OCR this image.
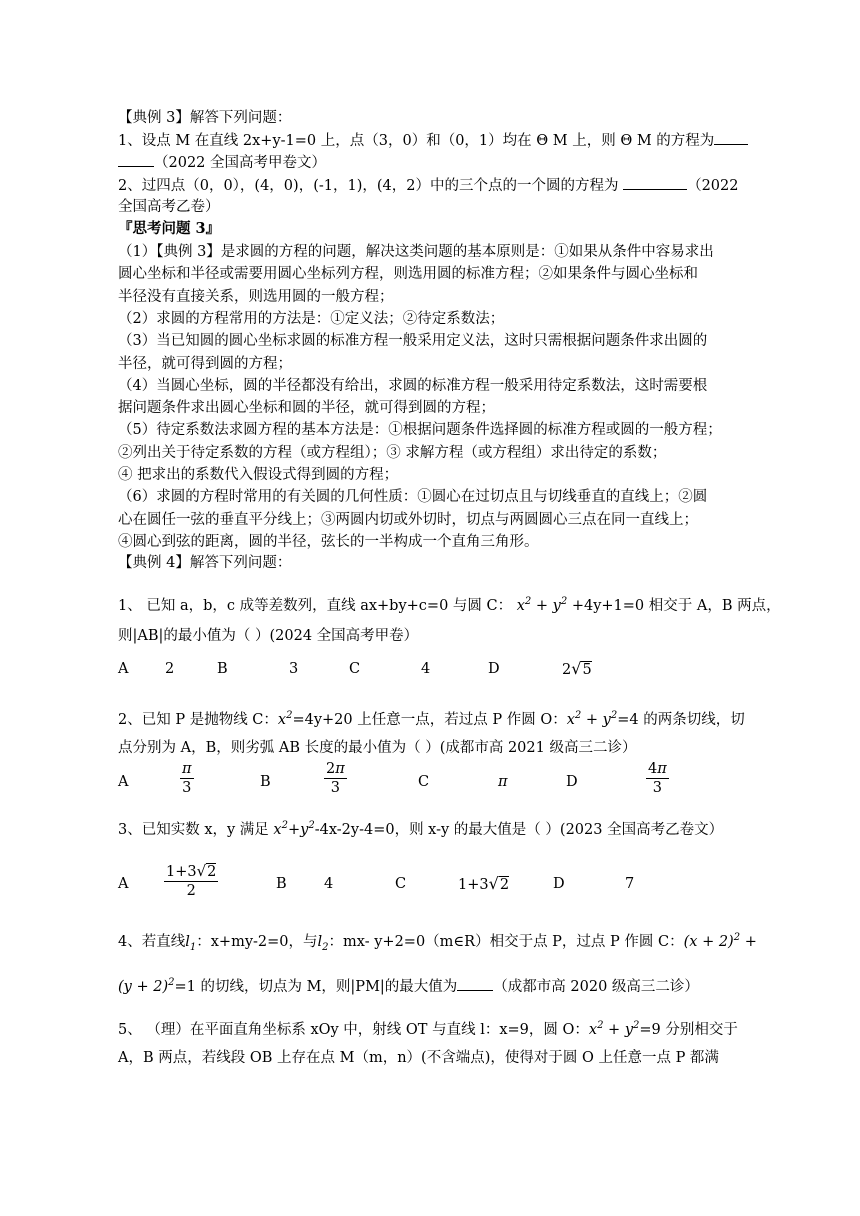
【典例 3】解答下列问题：
1、设点 M 在直线 2x+y-1=0 上，点（3，0）和（0，1）均在 Θ M 上，则 Θ M 的方程为
（2022 全国高考甲卷文）
2、过四点（0，0），(4，0)，(-1，1)，(4，2）中的三个点的一个圆的方程为	（2022
全国高考乙卷）
『思考问题 3』
（1）【典例 3】是求圆的方程的问题，解决这类问题的基本原则是：①如果从条件中容易求出
圆心坐标和半径或需要用圆心坐标列方程，则选用圆的标准方程；②如果条件与圆心坐标和
半径没有直接关系，则选用圆的一般方程；
（2）求圆的方程常用的方法是：①定义法；②待定系数法；
（3）当已知圆的圆心坐标求圆的标准方程一般采用定义法，这时只需根据问题条件求出圆的
半径，就可得到圆的方程；
（4）当圆心坐标，圆的半径都没有给出，求圆的标准方程一般采用待定系数法，这时需要根
据问题条件求出圆心坐标和圆的半径，就可得到圆的方程；
（5）待定系数法求圆方程的基本方法是：①根据问题条件选择圆的标准方程或圆的一般方程；
②列出关于待定系数的方程（或方程组）；③ 求解方程（或方程组）求出待定的系数；
④ 把求出的系数代入假设式得到圆的方程；
（6）求圆的方程时常用的有关圆的几何性质：①圆心在过切点且与切线垂直的直线上；②圆
心在圆任一弦的垂直平分线上；③两圆内切或外切时，切点与两圆圆心三点在同一直线上；
④圆心到弦的距离，圆的半径，弦长的一半构成一个直角三角形。
【典例 4】解答下列问题：
1、 已知 a，b，c 成等差数列，直线 ax+by+c=0 与圆 C： $x^2 + y^2 +4y+1=0$ 相交于 A，B 两点，
则|AB|的最小值为（ ）(2024 全国高考甲卷）
A	2	B	3	C	4	D	2√5
2、已知 P 是抛物线 C：$x^2=4y+20$ 上任意一点，若过点 P 作圆 O：$x^2 + y^2=4$ 的两条切线，切
点分别为 A，B，则劣弧 AB 长度的最小值为（ ）(成都市高 2021 级高三二诊）
A	$\frac{\pi}{3}$	B	$\frac{2\pi}{3}$	C	π	D	$\frac{4\pi}{3}$
3、已知实数 x，y 满足 $x^2+y^2-4x-2y-4=0$，则 x-y 的最大值是（ ）(2023 全国高考乙卷文）
A $\frac{1+3√2}{2}$	B	4	C	1+3√2	D	7
4、若直线$l_1$：x+my-2=0，与$l_2$：mx- y+2=0（m∈R）相交于点 P，过点 P 作圆 C：$(x + 2)^2$ +
$(y + 2)^2=1$ 的切线，切点为 M，则|PM|的最大值为 （成都市高 2020 级高三二诊）
5、 （理）在平面直角坐标系 xOy 中，射线 OT 与直线 l：x=9，圆 O：$x^2 + y^2=9$ 分别相交于
A，B 两点，若线段 OB 上存在点 M（m，n）(不含端点)，使得对于圆 O 上任意一点 P 都满
